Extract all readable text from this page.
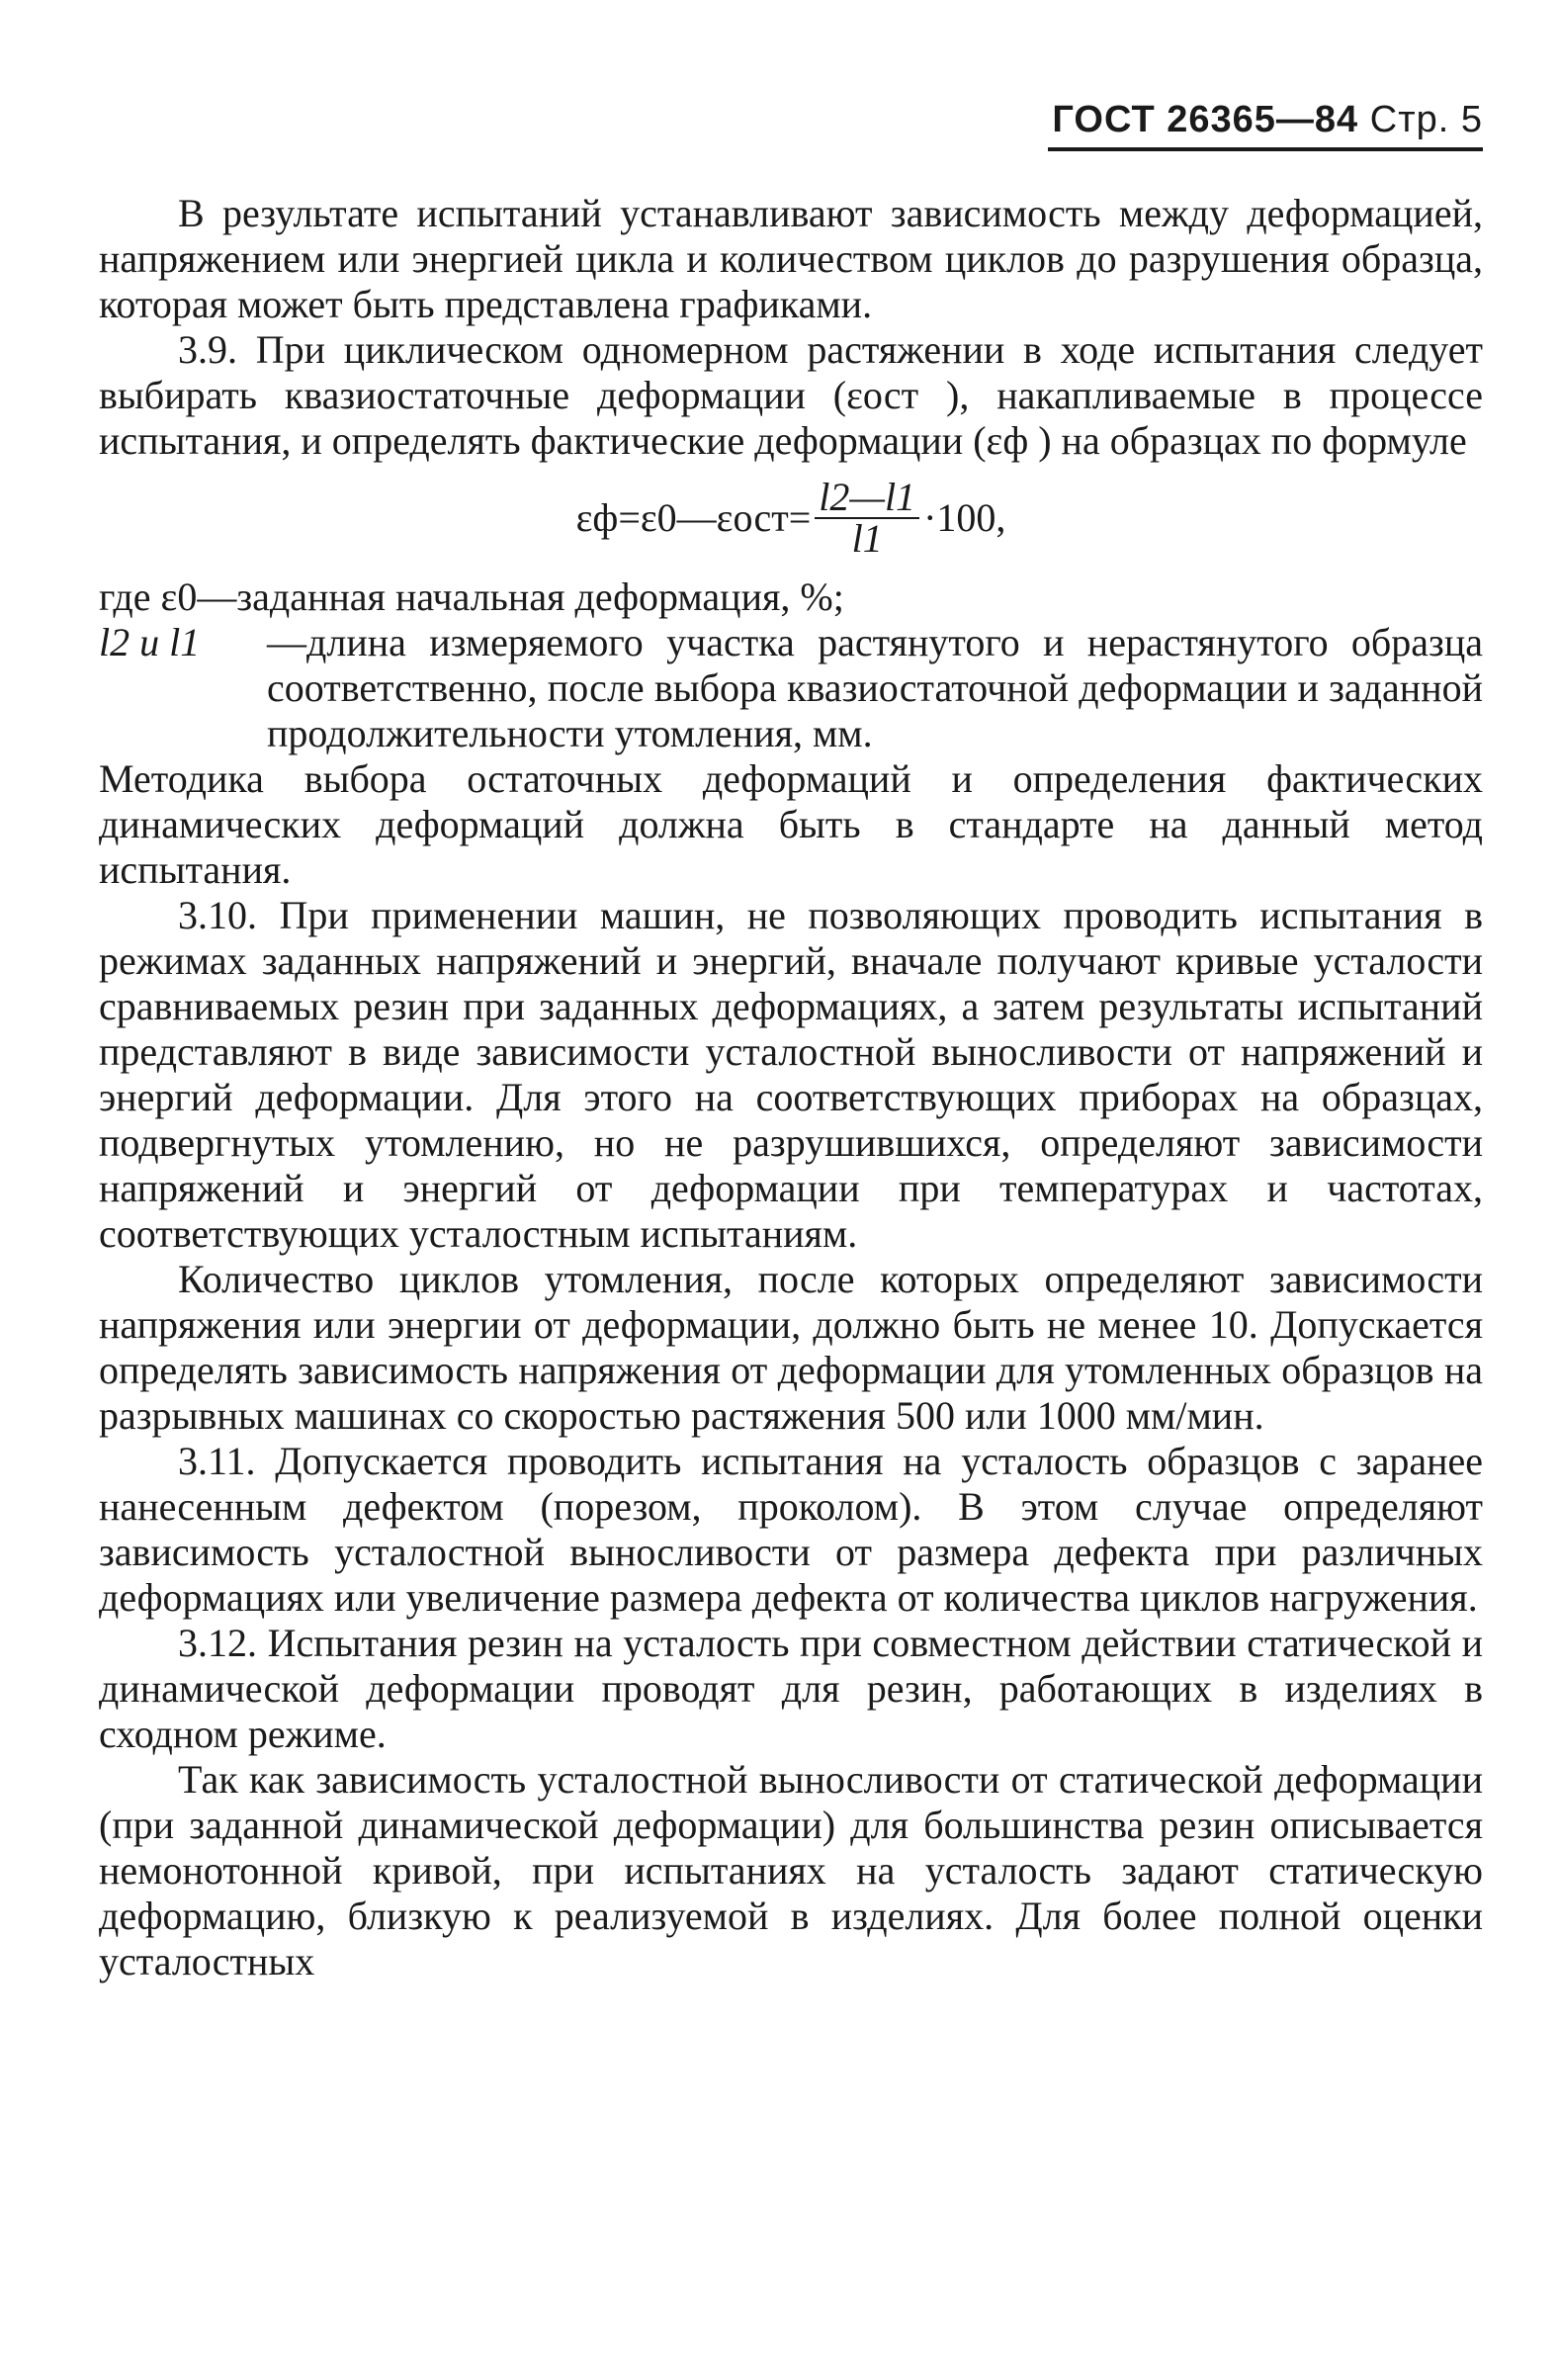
ГОСТ 26365—84 Стр. 5

В результате испытаний устанавливают зависимость между деформацией, напряжением или энергией цикла и количеством циклов до разрушения образца, которая может быть представлена графиками.

3.9. При циклическом одномерном растяжении в ходе испытания следует выбирать квазиостаточные деформации (εост ), накапливаемые в процессе испытания, и определять фактические деформации (εф ) на образцах по формуле

εф=ε0—εост= $\frac{l2—l1}{l1} \cdot 100$,

где ε0—заданная начальная деформация, %;

l2 и l1	—длина измеряемого участка растянутого и нерастянутого образца соответственно, после выбора квазиостаточной деформации и заданной продолжительности утомления, мм.

Методика выбора остаточных деформаций и определения фактических динамических деформаций должна быть в стандарте на данный метод испытания.

3.10. При применении машин, не позволяющих проводить испытания в режимах заданных напряжений и энергий, вначале получают кривые усталости сравниваемых резин при заданных деформациях, а затем результаты испытаний представляют в виде зависимости усталостной выносливости от напряжений и энергий деформации. Для этого на соответствующих приборах на образцах, подвергнутых утомлению, но не разрушившихся, определяют зависимости напряжений и энергий от деформации при температурах и частотах, соответствующих усталостным испытаниям.

Количество циклов утомления, после которых определяют зависимости напряжения или энергии от деформации, должно быть не менее 10. Допускается определять зависимость напряжения от деформации для утомленных образцов на разрывных машинах со скоростью растяжения 500 или 1000 мм/мин.

3.11. Допускается проводить испытания на усталость образцов с заранее нанесенным дефектом (порезом, проколом). В этом случае определяют зависимость усталостной выносливости от размера дефекта при различных деформациях или увеличение размера дефекта от количества циклов нагружения.

3.12. Испытания резин на усталость при совместном действии статической и динамической деформации проводят для резин, работающих в изделиях в сходном режиме.

Так как зависимость усталостной выносливости от статической деформации (при заданной динамической деформации) для большинства резин описывается немонотонной кривой, при испытаниях на усталость задают статическую деформацию, близкую к реализуемой в изделиях. Для более полной оценки усталостных
